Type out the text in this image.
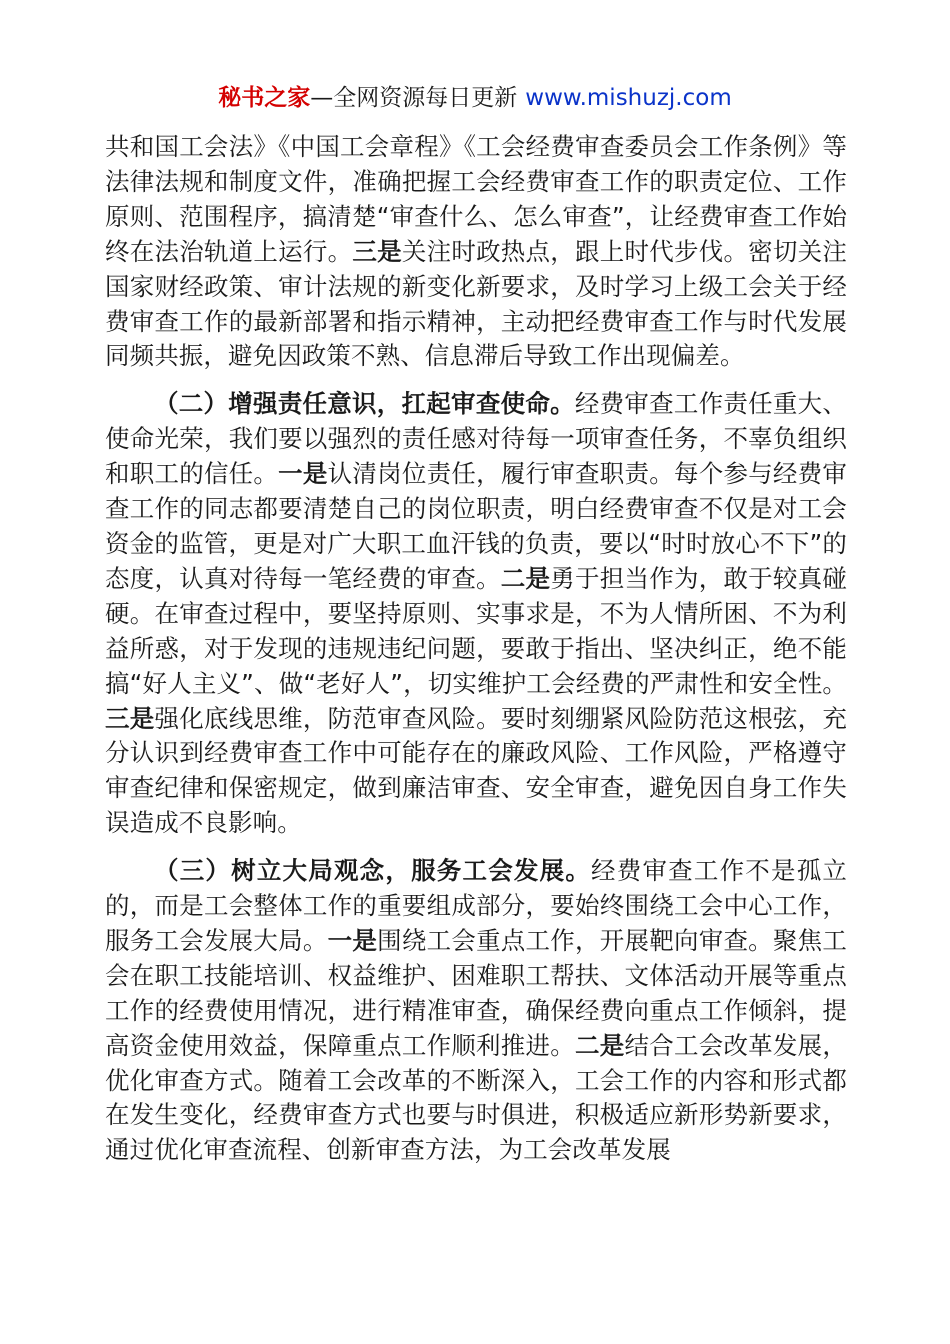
秘书之家—全网资源每日更新 www.mishuzj.com

共和国工会法》《中国工会章程》《工会经费审查委员会工作条例》等法律法规和制度文件，准确把握工会经费审查工作的职责定位、工作原则、范围程序，搞清楚“审查什么、怎么审查”，让经费审查工作始终在法治轨道上运行。三是关注时政热点，跟上时代步伐。密切关注国家财经政策、审计法规的新变化新要求，及时学习上级工会关于经费审查工作的最新部署和指示精神，主动把经费审查工作与时代发展同频共振，避免因政策不熟、信息滞后导致工作出现偏差。

（二）增强责任意识，扛起审查使命。经费审查工作责任重大、使命光荣，我们要以强烈的责任感对待每一项审查任务，不辜负组织和职工的信任。一是认清岗位责任，履行审查职责。每个参与经费审查工作的同志都要清楚自己的岗位职责，明白经费审查不仅是对工会资金的监管，更是对广大职工血汗钱的负责，要以“时时放心不下”的态度，认真对待每一笔经费的审查。二是勇于担当作为，敢于较真碰硬。在审查过程中，要坚持原则、实事求是，不为人情所困、不为利益所惑，对于发现的违规违纪问题，要敢于指出、坚决纠正，绝不能搞“好人主义”、做“老好人”，切实维护工会经费的严肃性和安全性。三是强化底线思维，防范审查风险。要时刻绷紧风险防范这根弦，充分认识到经费审查工作中可能存在的廉政风险、工作风险，严格遵守审查纪律和保密规定，做到廉洁审查、安全审查，避免因自身工作失误造成不良影响。

（三）树立大局观念，服务工会发展。经费审查工作不是孤立的，而是工会整体工作的重要组成部分，要始终围绕工会中心工作，服务工会发展大局。一是围绕工会重点工作，开展靶向审查。聚焦工会在职工技能培训、权益维护、困难职工帮扶、文体活动开展等重点工作的经费使用情况，进行精准审查，确保经费向重点工作倾斜，提高资金使用效益，保障重点工作顺利推进。二是结合工会改革发展，优化审查方式。随着工会改革的不断深入，工会工作的内容和形式都在发生变化，经费审查方式也要与时俱进，积极适应新形势新要求，通过优化审查流程、创新审查方法，为工会改革发展
